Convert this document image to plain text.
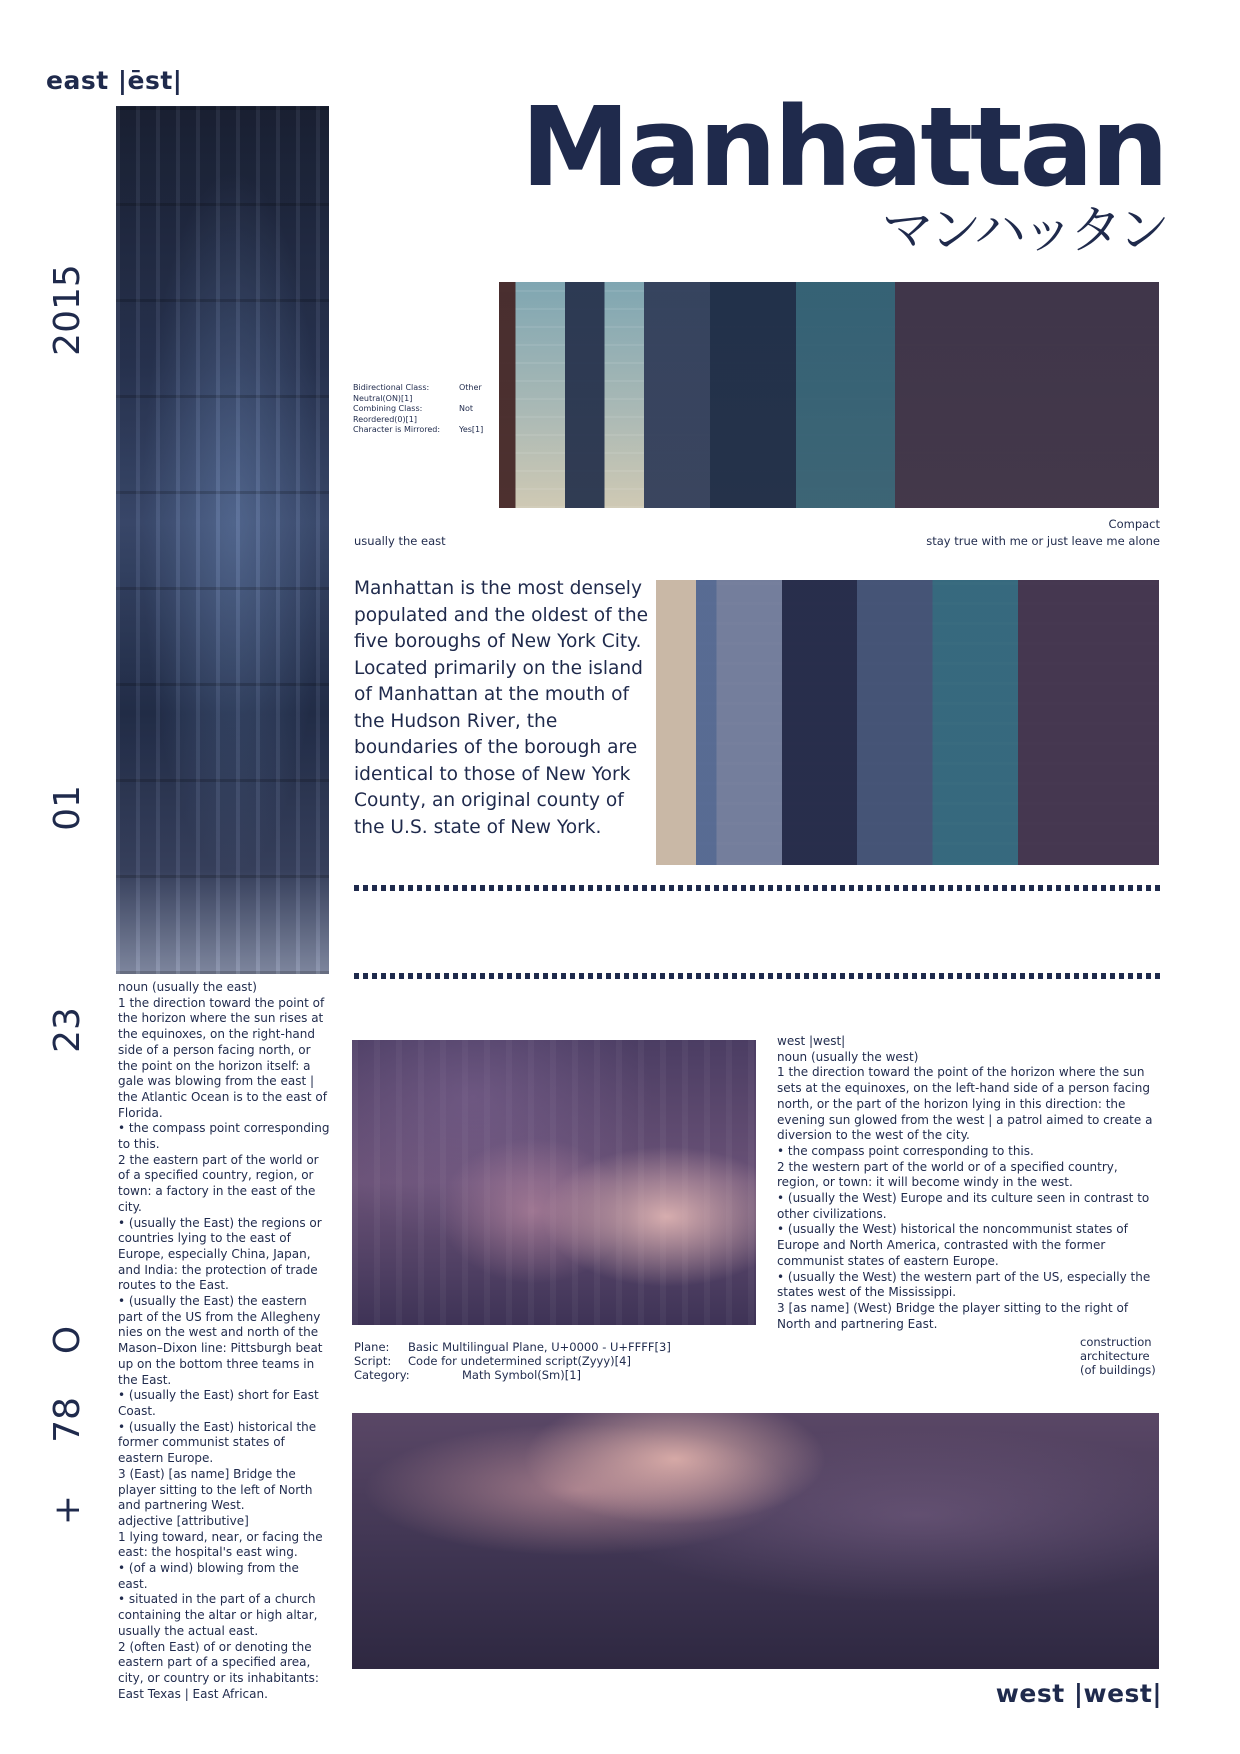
east |ēst|
west |west|
Manhattan
マンハッタン
2015
01
23
O
78
+
Bidirectional Class:	Other
Neutral(ON)[1]
Combining Class:	Not
Reordered(0)[1]
Character is Mirrored:	Yes[1]
usually the east
Compact
stay true with me or just leave me alone
Manhattan is the most densely populated and the oldest of the five boroughs of New York City. Located primarily on the island of Manhattan at the mouth of the Hudson River, the boundaries of the borough are identical to those of New York County, an original county of the U.S. state of New York.
noun (usually the east)
1 the direction toward the point of the horizon where the sun rises at the equinoxes, on the right-hand side of a person facing north, or the point on the horizon itself: a gale was blowing from the east | the Atlantic Ocean is to the east of Florida.
• the compass point corresponding to this.
2 the eastern part of the world or of a specified country, region, or town: a factory in the east of the city.
• (usually the East) the regions or countries lying to the east of Europe, especially China, Japan, and India: the protection of trade routes to the East.
• (usually the East) the eastern part of the US from the Allegheny nies on the west and north of the Mason–Dixon line: Pittsburgh beat up on the bottom three teams in the East.
• (usually the East) short for East Coast.
• (usually the East) historical the former communist states of eastern Europe.
3 (East) [as name] Bridge the player sitting to the left of North and partnering West.
adjective [attributive]
1 lying toward, near, or facing the east: the hospital's east wing.
• (of a wind) blowing from the east.
• situated in the part of a church containing the altar or high altar, usually the actual east.
2 (often East) of or denoting the eastern part of a specified area, city, or country or its inhabitants: East Texas | East African.
west |west|
noun (usually the west)
1 the direction toward the point of the horizon where the sun sets at the equinoxes, on the left-hand side of a person facing north, or the part of the horizon lying in this direction: the evening sun glowed from the west | a patrol aimed to create a diversion to the west of the city.
• the compass point corresponding to this.
2 the western part of the world or of a specified country, region, or town: it will become windy in the west.
• (usually the West) Europe and its culture seen in contrast to other civilizations.
• (usually the West) historical the noncommunist states of Europe and North America, contrasted with the former communist states of eastern Europe.
• (usually the West) the western part of the US, especially the states west of the Mississippi.
3 [as name] (West) Bridge the player sitting to the right of North and partnering East.
Plane:	Basic Multilingual Plane, U+0000 - U+FFFF[3]
Script:	Code for undetermined script(Zyyy)[4]
Category:	Math Symbol(Sm)[1]
construction
architecture
(of buildings)
